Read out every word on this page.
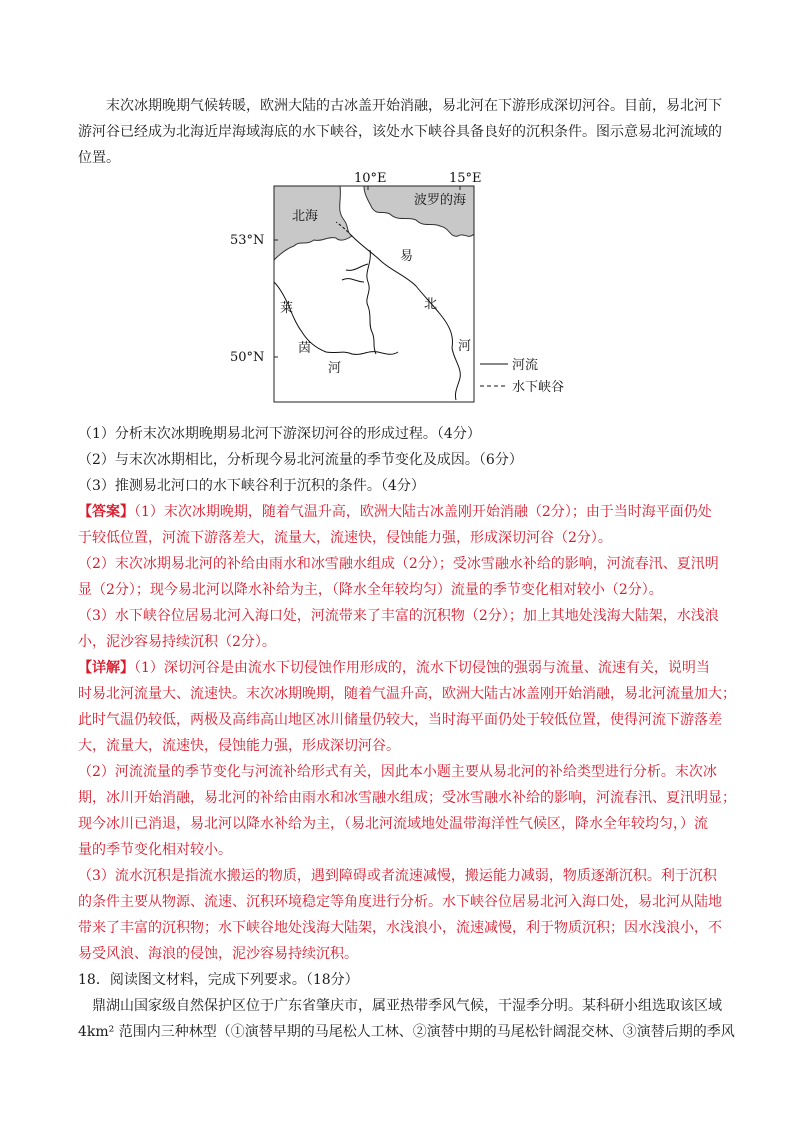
末次冰期晚期气候转暖，欧洲大陆的古冰盖开始消融，易北河在下游形成深切河谷。目前，易北河下
游河谷已经成为北海近岸海域海底的水下峡谷，该处水下峡谷具备良好的沉积条件。图示意易北河流域的
位置。
10°E	15°E
53°N
50°N
北海
波罗的海
易
北
河
莱
茵
河	河流
水下峡谷
（1）分析末次冰期晚期易北河下游深切河谷的形成过程。（4分）
（2）与末次冰期相比，分析现今易北河流量的季节变化及成因。（6分）
（3）推测易北河口的水下峡谷利于沉积的条件。（4分）
【答案】（1）末次冰期晚期，随着气温升高，欧洲大陆古冰盖刚开始消融（2分）；由于当时海平面仍处
于较低位置，河流下游落差大，流量大，流速快，侵蚀能力强，形成深切河谷（2分）。
（2）末次冰期易北河的补给由雨水和冰雪融水组成（2分）；受冰雪融水补给的影响，河流春汛、夏汛明
显（2分）；现今易北河以降水补给为主，（降水全年较均匀）流量的季节变化相对较小（2分）。
（3）水下峡谷位居易北河入海口处，河流带来了丰富的沉积物（2分）；加上其地处浅海大陆架，水浅浪
小，泥沙容易持续沉积（2分）。
【详解】（1）深切河谷是由流水下切侵蚀作用形成的，流水下切侵蚀的强弱与流量、流速有关，说明当
时易北河流量大、流速快。末次冰期晚期，随着气温升高，欧洲大陆古冰盖刚开始消融，易北河流量加大；
此时气温仍较低，两极及高纬高山地区冰川储量仍较大，当时海平面仍处于较低位置，使得河流下游落差
大，流量大，流速快，侵蚀能力强，形成深切河谷。
（2）河流流量的季节变化与河流补给形式有关，因此本小题主要从易北河的补给类型进行分析。末次冰
期，冰川开始消融，易北河的补给由雨水和冰雪融水组成；受冰雪融水补给的影响，河流春汛、夏汛明显；
现今冰川已消退，易北河以降水补给为主，（易北河流域地处温带海洋性气候区，降水全年较均匀，）流
量的季节变化相对较小。
（3）流水沉积是指流水搬运的物质，遇到障碍或者流速减慢，搬运能力减弱，物质逐渐沉积。利于沉积
的条件主要从物源、流速、沉积环境稳定等角度进行分析。水下峡谷位居易北河入海口处，易北河从陆地
带来了丰富的沉积物；水下峡谷地处浅海大陆架，水浅浪小，流速减慢，利于物质沉积；因水浅浪小，不
易受风浪、海浪的侵蚀，泥沙容易持续沉积。
18．阅读图文材料，完成下列要求。（18分）
鼎湖山国家级自然保护区位于广东省肇庆市，属亚热带季风气候，干湿季分明。某科研小组选取该区域
4km² 范围内三种林型（①演替早期的马尾松人工林、②演替中期的马尾松针阔混交林、③演替后期的季风
